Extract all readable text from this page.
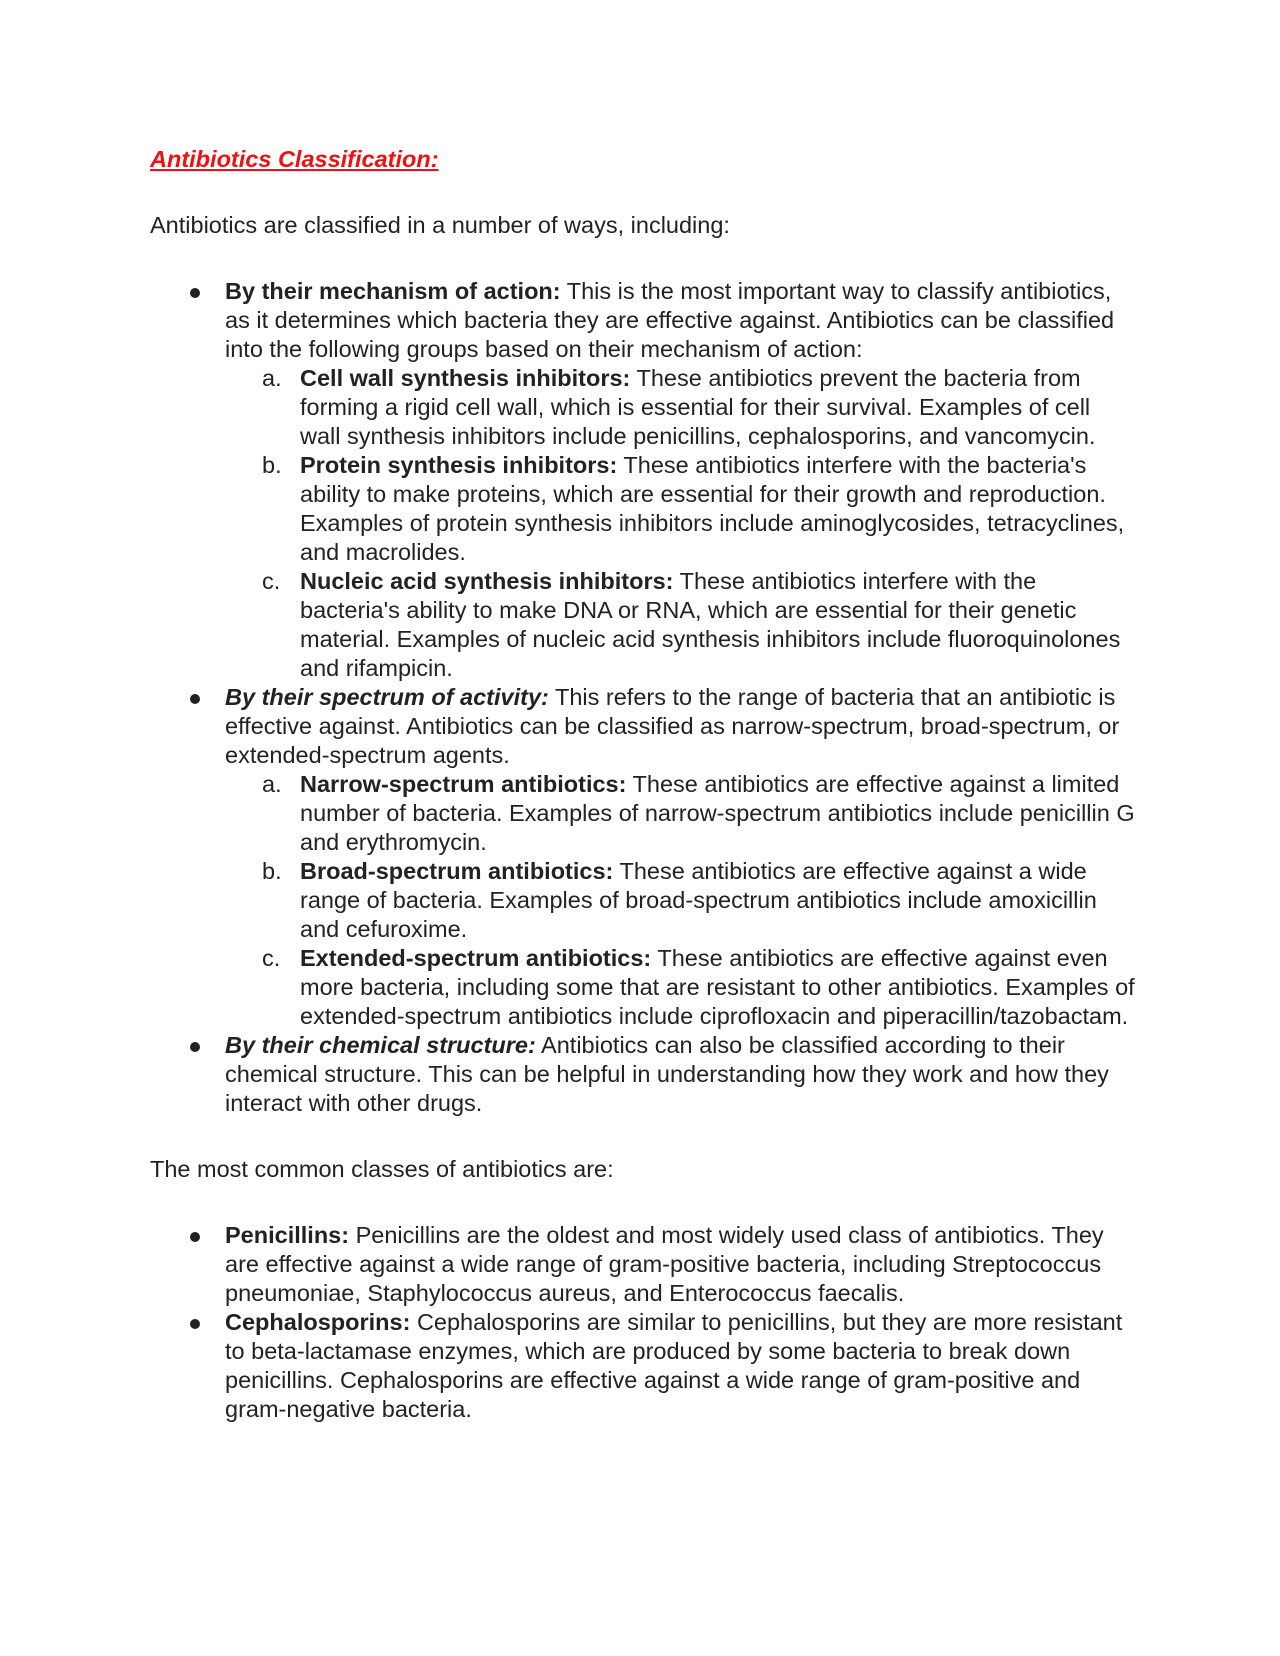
Antibiotics Classification:

Antibiotics are classified in a number of ways, including:

By their mechanism of action: This is the most important way to classify antibiotics, as it determines which bacteria they are effective against. Antibiotics can be classified into the following groups based on their mechanism of action:
a. Cell wall synthesis inhibitors: These antibiotics prevent the bacteria from forming a rigid cell wall, which is essential for their survival. Examples of cell wall synthesis inhibitors include penicillins, cephalosporins, and vancomycin.
b. Protein synthesis inhibitors: These antibiotics interfere with the bacteria's ability to make proteins, which are essential for their growth and reproduction. Examples of protein synthesis inhibitors include aminoglycosides, tetracyclines, and macrolides.
c. Nucleic acid synthesis inhibitors: These antibiotics interfere with the bacteria's ability to make DNA or RNA, which are essential for their genetic material. Examples of nucleic acid synthesis inhibitors include fluoroquinolones and rifampicin.
By their spectrum of activity: This refers to the range of bacteria that an antibiotic is effective against. Antibiotics can be classified as narrow-spectrum, broad-spectrum, or extended-spectrum agents.
a. Narrow-spectrum antibiotics: These antibiotics are effective against a limited number of bacteria. Examples of narrow-spectrum antibiotics include penicillin G and erythromycin.
b. Broad-spectrum antibiotics: These antibiotics are effective against a wide range of bacteria. Examples of broad-spectrum antibiotics include amoxicillin and cefuroxime.
c. Extended-spectrum antibiotics: These antibiotics are effective against even more bacteria, including some that are resistant to other antibiotics. Examples of extended-spectrum antibiotics include ciprofloxacin and piperacillin/tazobactam.
By their chemical structure: Antibiotics can also be classified according to their chemical structure. This can be helpful in understanding how they work and how they interact with other drugs.

The most common classes of antibiotics are:

Penicillins: Penicillins are the oldest and most widely used class of antibiotics. They are effective against a wide range of gram-positive bacteria, including Streptococcus pneumoniae, Staphylococcus aureus, and Enterococcus faecalis.
Cephalosporins: Cephalosporins are similar to penicillins, but they are more resistant to beta-lactamase enzymes, which are produced by some bacteria to break down penicillins. Cephalosporins are effective against a wide range of gram-positive and gram-negative bacteria.
